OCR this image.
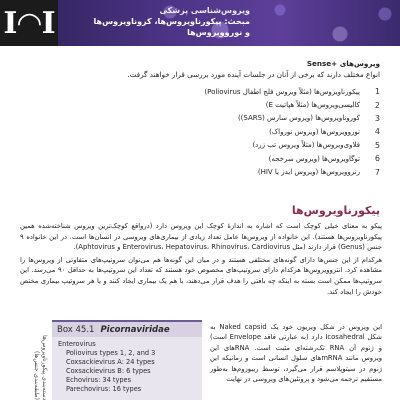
Ι◠Ι	ویروس‌شناسی پزشکی
مبحث: پیکورناویروس‌ها، کرونا‌ویروس‌ها
و نوروویروس‌ها
ویروس‌های Sense+
انواع مختلف دارند که برخی از آنان در جلسات آینده مورد بررسی قرار خواهند گرفت.
1
پیکورناویروس‌ها (مثلاً ویروس فلج اطفال Poliovirus)
2
کالیسی‌ویروس‌ها (مثلاً هپاتیت E)
3
کوروناویروس‌ها (ویروس سارس (SARS))
4
نوروویروس‌ها (ویروس نورواک)
5
فلاوی‌ویروس‌ها (مثلاً ویروس تب زرد)
6
توگاویروس‌ها (ویروس سرخجه)
7
رتروویروس‌ها (ویروس ایدز یا HIV)
پیکورناویروس‌ها

پیکو به معنای خیلی کوچک است که اشاره به اندازهٔ کوچک این ویروس دارد (درواقع کوچک‌ترین ویروس شناخته‌شده همین پیکورناویروس‌ها هستند). این خانواده از ویروس‌ها عامل تعداد زیادی از بیماری‌های ویروسی در انسان‌ها است. در این خانواده ۹ جنس (Genus) قرار دارند (مثل Enterovirus، Hepatovirus، Rhinovirus، Cardiovirus و Aphtovirus).

هرکدام از این جنس‌ها دارای گونه‌های مختلفی هستند و در میان این گونه‌ها هم می‌توان سروتیپ‌های متفاوتی از ویروس‌ها را مشاهده کرد. انتروویروس‌ها هرکدام دارای سروتیپ‌های مخصوص خود هستند که تعداد این سروتیپ‌ها به حداقل ۹۰ می‌رسد. این سروتیپ‌ها ممکن است بسته به اینکه چه بافتی را هدف قرار می‌دهند، با هم یک بیماری ایجاد کنند و یا هر سروتیپ بیماری مختص خودش را ایجاد کند.

دسته‌بندی پیکورناویروس‌ها (طبقه‌بندی جنس‌ها)
Box 45.1 Picornaviridae
Enterovirus
Poliovirus types 1, 2, and 3
Coxsackievirus A: 24 types
Coxsackievirus B: 6 types
Echovirus: 34 types
Parechovirus: 16 types
این ویروس در شکل ویریون خود یک Naked capsid به شکل Icosahedral دارد (به عبارتی فاقد Envelope است) و ژنوم آن RNA تک‌رشته‌ای مثبت است. RNAهای این ویروس مانند mRNAهای سلول انسانی است و زمانیکه این ژنوم در سیتوپلاسم قرار می‌گیرد، توسط ریبوزوم‌ها به‌طور مستقیم ترجمه می‌شود و پروتئین‌های ویروسی در نهایت
